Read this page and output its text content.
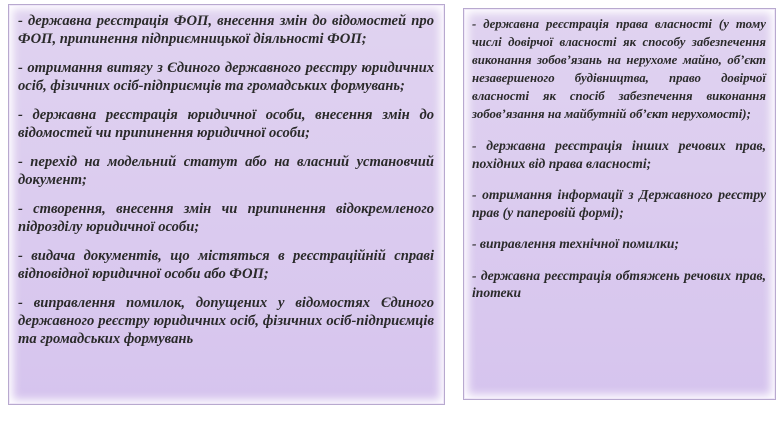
- державна реєстрація ФОП, внесення змін до відомостей про ФОП, припинення підприємницької діяльності ФОП;

- отримання витягу з Єдиного державного реєстру юридичних осіб, фізичних осіб-підприємців та громадських формувань;

- державна реєстрація юридичної особи, внесення змін до відомостей чи припинення юридичної особи;

- перехід на модельний статут або на власний установчий документ;

- створення, внесення змін чи припинення відокремленого підрозділу юридичної особи;

- видача документів, що містяться в реєстраційній справі відповідної юридичної особи або ФОП;

- виправлення помилок, допущених у відомостях Єдиного державного реєстру юридичних осіб, фізичних осіб-підприємців та громадських формувань

- державна реєстрація права власності (у тому числі довірчої власності як способу забезпечення виконання зобов’язань на нерухоме майно, об’єкт незавершеного будівництва, право довірчої власності як спосіб забезпечення виконання зобов’язання на майбутній об’єкт нерухомості);

- державна реєстрація інших речових прав, похідних від права власності;

- отримання інформації з Державного реєстру прав (у паперовій формі);

- виправлення технічної помилки;

- державна реєстрація обтяжень речових прав, іпотеки
